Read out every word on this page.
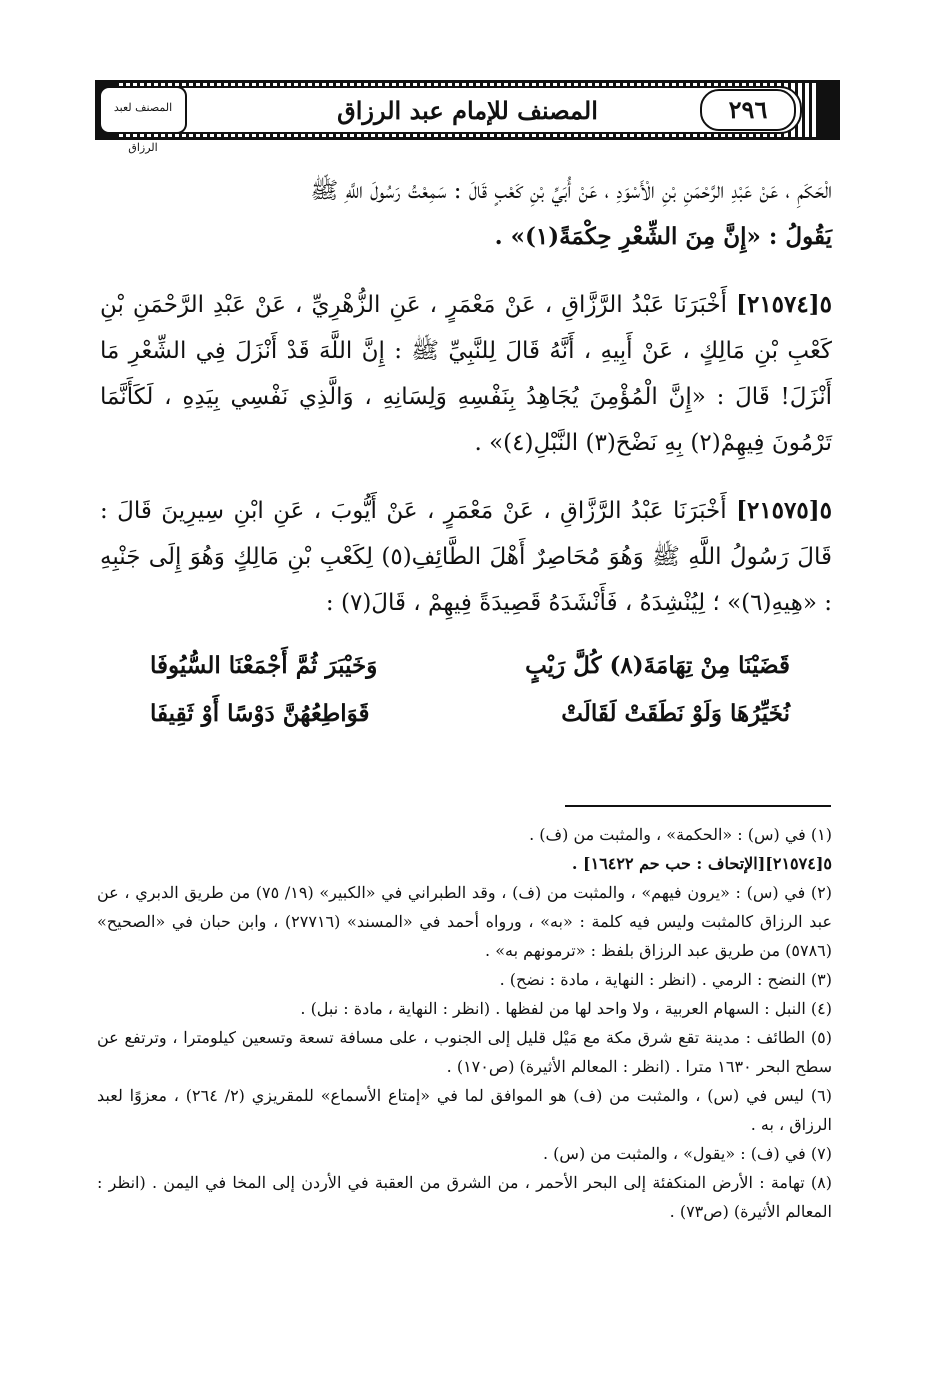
المصنف للإمام عبد الرزاق	٢٩٦
المصنف لعبد الرزاق
الْحَكَمِ ، عَنْ عَبْدِ الرَّحْمَنِ بْنِ الْأَسْوَدِ ، عَنْ أُبَيِّ بْنِ كَعْبٍ قَالَ : سَمِعْتُ رَسُولَ اللَّهِ ﷺ
يَقُولُ : «إِنَّ مِنَ الشِّعْرِ حِكْمَةً(١)» .
٥[٢١٥٧٤] أَخْبَرَنَا عَبْدُ الرَّزَّاقِ ، عَنْ مَعْمَرٍ ، عَنِ الزُّهْرِيِّ ، عَنْ عَبْدِ الرَّحْمَنِ بْنِ كَعْبِ بْنِ مَالِكٍ ، عَنْ أَبِيهِ ، أَنَّهُ قَالَ لِلنَّبِيِّ ﷺ : إِنَّ اللَّهَ قَدْ أَنْزَلَ فِي الشِّعْرِ مَا أَنْزَلَ! قَالَ : «إِنَّ الْمُؤْمِنَ يُجَاهِدُ بِنَفْسِهِ وَلِسَانِهِ ، وَالَّذِي نَفْسِي بِيَدِهِ ، لَكَأَنَّمَا تَرْمُونَ فِيهِمْ(٢) بِهِ نَضْحَ(٣) النَّبْلِ(٤)» .
٥[٢١٥٧٥] أَخْبَرَنَا عَبْدُ الرَّزَّاقِ ، عَنْ مَعْمَرٍ ، عَنْ أَيُّوبَ ، عَنِ ابْنِ سِيرِينَ قَالَ : قَالَ رَسُولُ اللَّهِ ﷺ وَهُوَ مُحَاصِرٌ أَهْلَ الطَّائِفِ(٥) لِكَعْبِ بْنِ مَالِكٍ وَهُوَ إِلَى جَنْبِهِ : «هِيهِ(٦)» ؛ لِيُنْشِدَهُ ، فَأَنْشَدَهُ قَصِيدَةً فِيهِمْ ، قَالَ(٧) :
قَضَيْنَا مِنْ تِهَامَةَ(٨) كُلَّ رَيْبٍ
وَخَيْبَرَ ثُمَّ أَجْمَعْنَا السُّيُوفَا
نُخَيِّرُهَا وَلَوْ نَطَقَتْ لَقَالَتْ
قَوَاطِعُهُنَّ دَوْسًا أَوْ ثَقِيفَا
(١) في (س) : «الحكمة» ، والمثبت من (ف) .
٥[٢١٥٧٤][الإتحاف : حب حم ١٦٤٢٢] .
(٢) في (س) : «يرون فيهم» ، والمثبت من (ف) ، وقد الطبراني في «الكبير» (١٩/ ٧٥) من طريق الدبري ، عن عبد الرزاق كالمثبت وليس فيه كلمة : «به» ، ورواه أحمد في «المسند» (٢٧٧١٦) ، وابن حبان في «الصحيح» (٥٧٨٦) من طريق عبد الرزاق بلفظ : «ترمونهم به» .
(٣) النضح : الرمي . (انظر : النهاية ، مادة : نضح) .
(٤) النبل : السهام العربية ، ولا واحد لها من لفظها . (انظر : النهاية ، مادة : نبل) .
(٥) الطائف : مدينة تقع شرق مكة مع مَيْل قليل إلى الجنوب ، على مسافة تسعة وتسعين كيلومترا ، وترتفع عن سطح البحر ١٦٣٠ مترا . (انظر : المعالم الأثيرة) (ص١٧٠) .
(٦) ليس في (س) ، والمثبت من (ف) هو الموافق لما في «إمتاع الأسماع» للمقريزي (٢/ ٢٦٤) ، معزوًا لعبد الرزاق ، به .
(٧) في (ف) : «يقول» ، والمثبت من (س) .
(٨) تهامة : الأرض المنكفئة إلى البحر الأحمر ، من الشرق من العقبة في الأردن إلى المخا في اليمن . (انظر : المعالم الأثيرة) (ص٧٣) .
